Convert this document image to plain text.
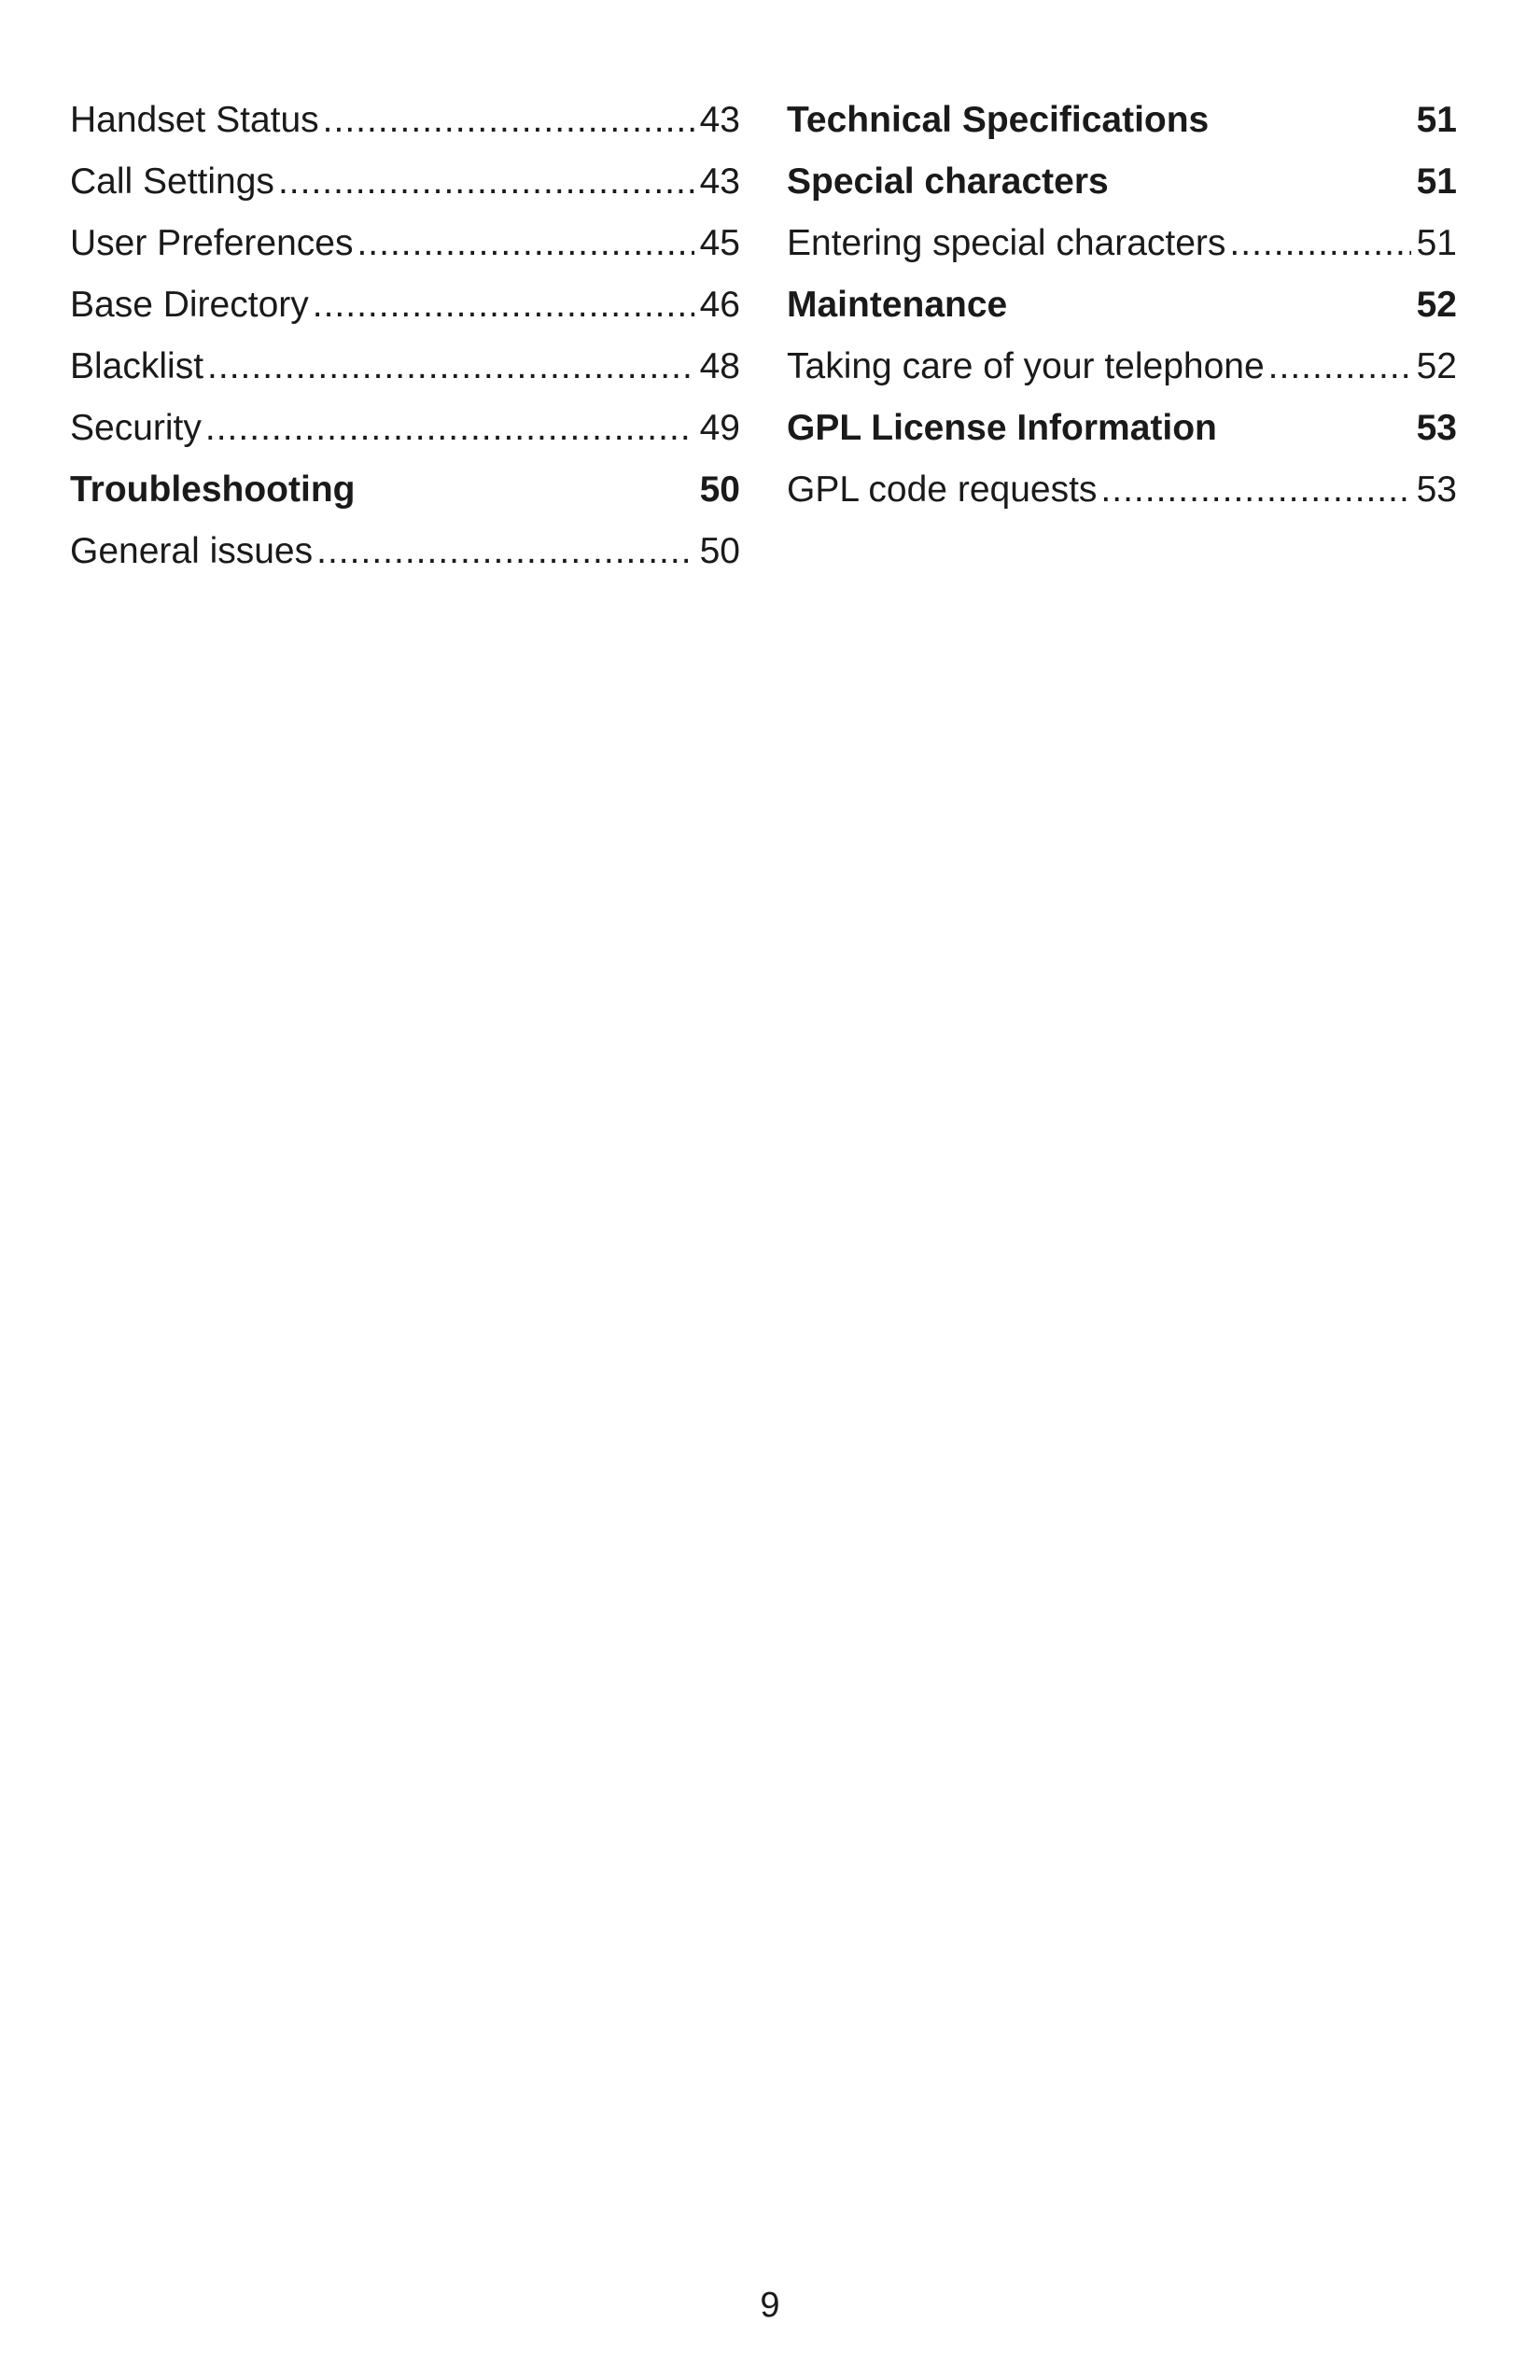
Handset Status .....	43
Call Settings .....	43
User Preferences .....	45
Base Directory .....	46
Blacklist .....	48
Security .....	49
Troubleshooting	50
General issues .....	50
Technical Specifications	51
Special characters	51
Entering special characters .....	51
Maintenance	52
Taking care of your telephone .....	52
GPL License Information	53
GPL code requests .....	53
9
